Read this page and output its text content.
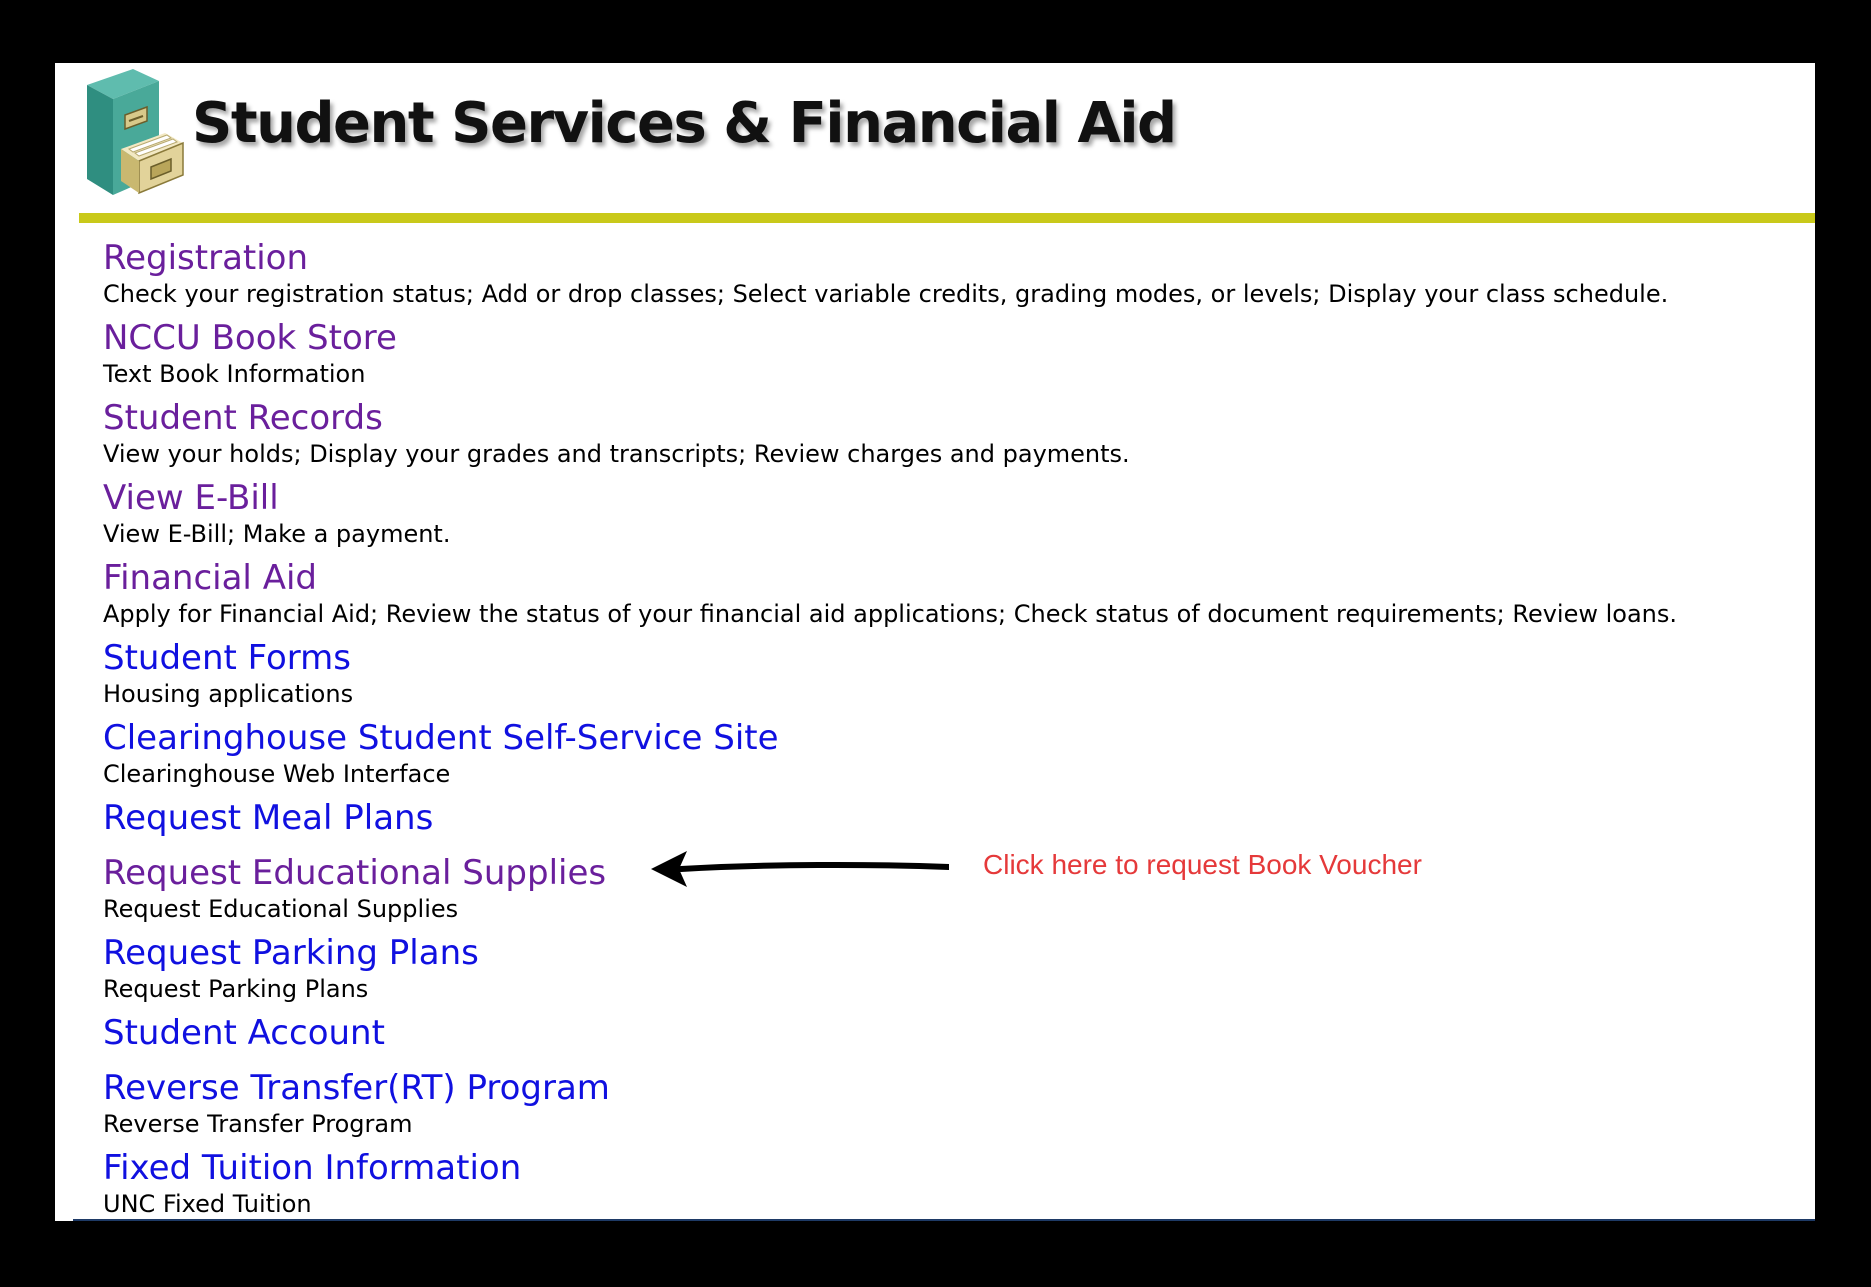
Student Services & Financial Aid
Registration
Check your registration status; Add or drop classes; Select variable credits, grading modes, or levels; Display your class schedule.
NCCU Book Store
Text Book Information
Student Records
View your holds; Display your grades and transcripts; Review charges and payments.
View E-Bill
View E-Bill; Make a payment.
Financial Aid
Apply for Financial Aid; Review the status of your financial aid applications; Check status of document requirements; Review loans.
Student Forms
Housing applications
Clearinghouse Student Self-Service Site
Clearinghouse Web Interface
Request Meal Plans
Request Educational Supplies
Request Educational Supplies
Request Parking Plans
Request Parking Plans
Student Account
Reverse Transfer(RT) Program
Reverse Transfer Program
Fixed Tuition Information
UNC Fixed Tuition
Click here to request Book Voucher
